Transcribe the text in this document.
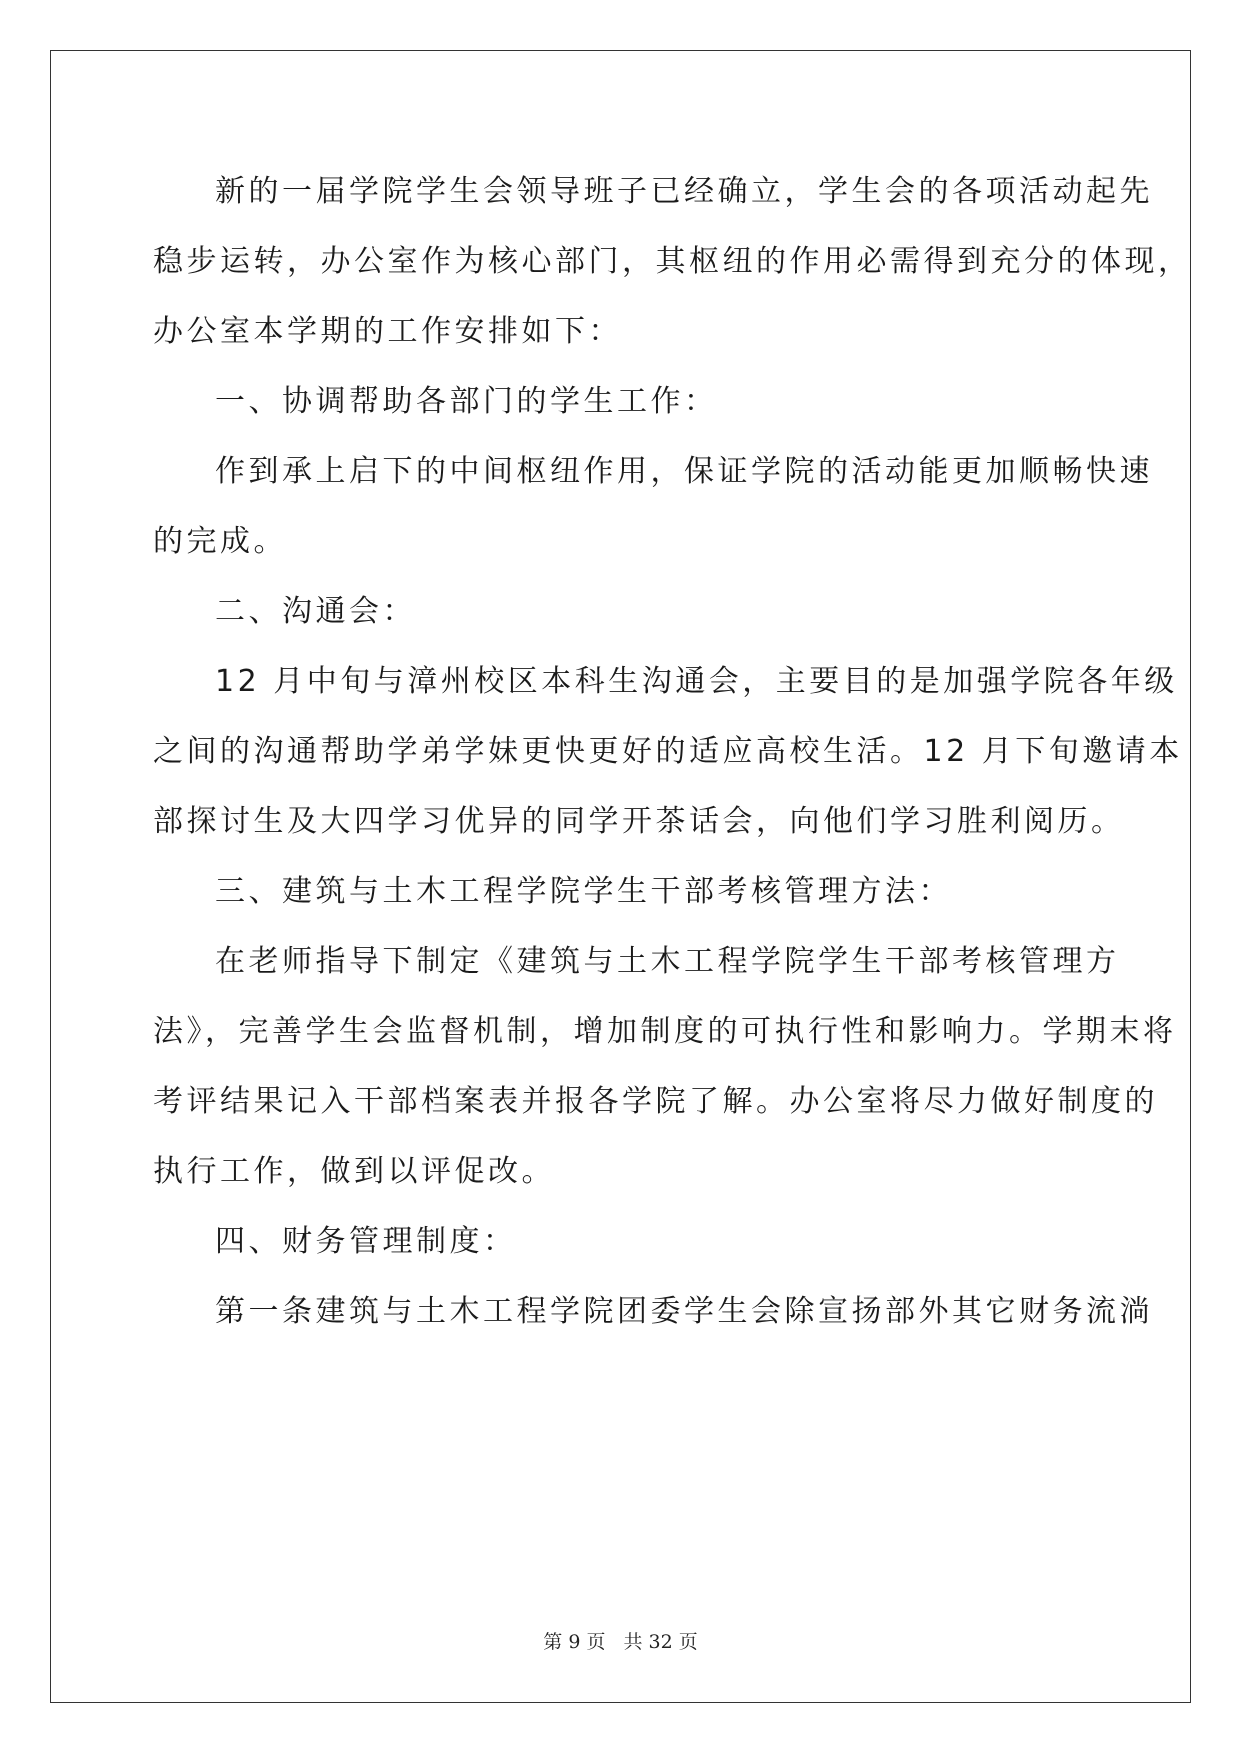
新的一届学院学生会领导班子已经确立，学生会的各项活动起先
稳步运转，办公室作为核心部门，其枢纽的作用必需得到充分的体现，
办公室本学期的工作安排如下：
一、协调帮助各部门的学生工作：
作到承上启下的中间枢纽作用，保证学院的活动能更加顺畅快速
的完成。
二、沟通会：
12 月中旬与漳州校区本科生沟通会，主要目的是加强学院各年级
之间的沟通帮助学弟学妹更快更好的适应高校生活。12 月下旬邀请本
部探讨生及大四学习优异的同学开茶话会，向他们学习胜利阅历。
三、建筑与土木工程学院学生干部考核管理方法：
在老师指导下制定《建筑与土木工程学院学生干部考核管理方
法》，完善学生会监督机制，增加制度的可执行性和影响力。学期末将
考评结果记入干部档案表并报各学院了解。办公室将尽力做好制度的
执行工作，做到以评促改。
四、财务管理制度：
第一条建筑与土木工程学院团委学生会除宣扬部外其它财务流淌
第 9 页 共 32 页
